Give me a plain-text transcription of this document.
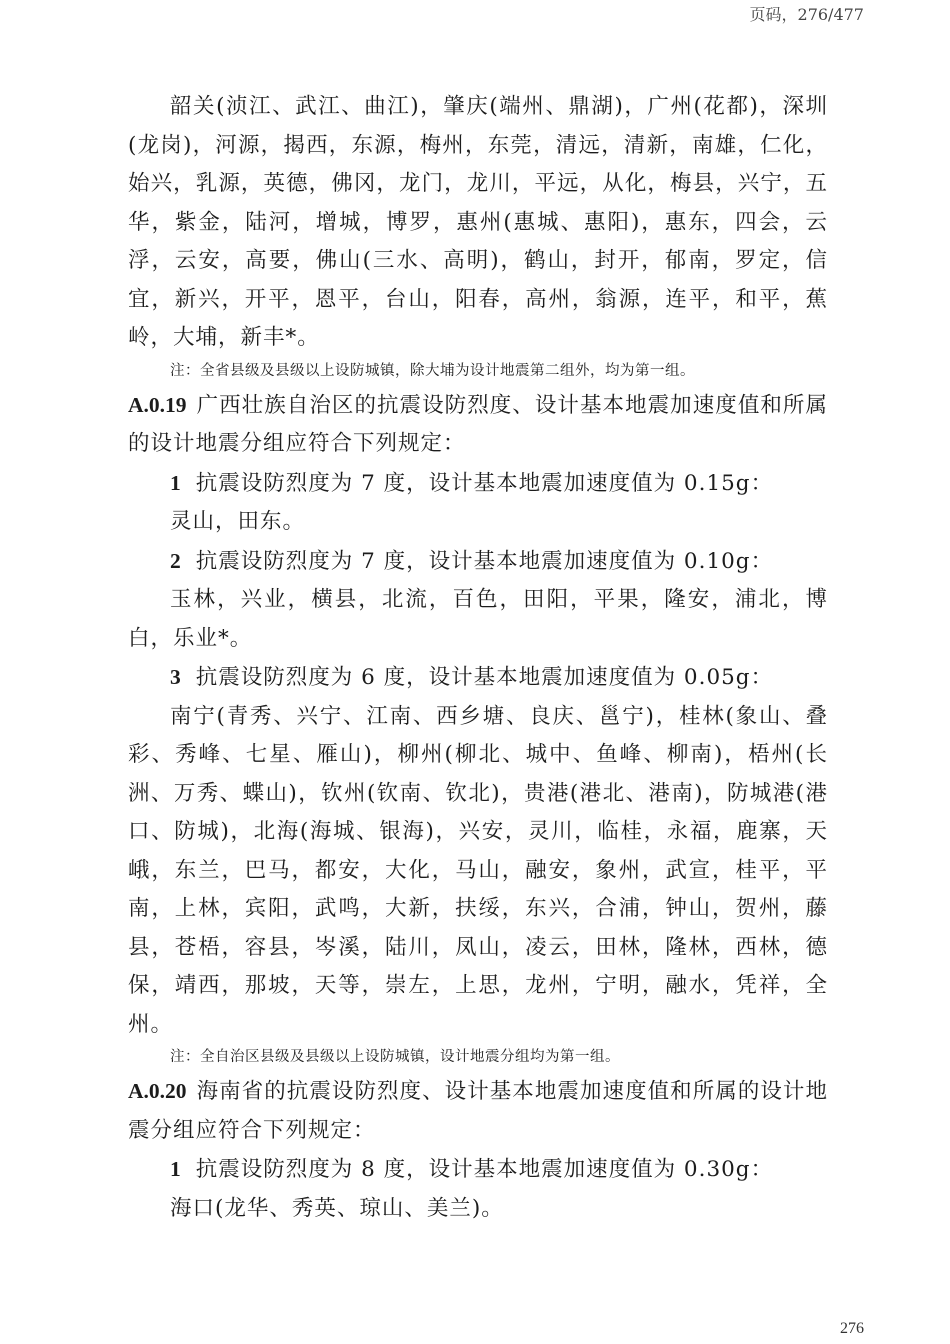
页码，276/477

韶关(浈江、武江、曲江)，肇庆(端州、鼎湖)，广州(花都)，深圳(龙岗)，河源，揭西，东源，梅州，东莞，清远，清新，南雄，仁化，始兴，乳源，英德，佛冈，龙门，龙川，平远，从化，梅县，兴宁，五华，紫金，陆河，增城，博罗，惠州(惠城、惠阳)，惠东，四会，云浮，云安，高要，佛山(三水、高明)，鹤山，封开，郁南，罗定，信宜，新兴，开平，恩平，台山，阳春，高州，翁源，连平，和平，蕉岭，大埔，新丰*。

注：全省县级及县级以上设防城镇，除大埔为设计地震第二组外，均为第一组。

A.0.19 广西壮族自治区的抗震设防烈度、设计基本地震加速度值和所属的设计地震分组应符合下列规定：

1 抗震设防烈度为 7 度，设计基本地震加速度值为 0.15g：

灵山，田东。

2 抗震设防烈度为 7 度，设计基本地震加速度值为 0.10g：

玉林，兴业，横县，北流，百色，田阳，平果，隆安，浦北，博白，乐业*。

3 抗震设防烈度为 6 度，设计基本地震加速度值为 0.05g：

南宁(青秀、兴宁、江南、西乡塘、良庆、邕宁)，桂林(象山、叠彩、秀峰、七星、雁山)，柳州(柳北、城中、鱼峰、柳南)，梧州(长洲、万秀、蝶山)，钦州(钦南、钦北)，贵港(港北、港南)，防城港(港口、防城)，北海(海城、银海)，兴安，灵川，临桂，永福，鹿寨，天峨，东兰，巴马，都安，大化，马山，融安，象州，武宣，桂平，平南，上林，宾阳，武鸣，大新，扶绥，东兴，合浦，钟山，贺州，藤县，苍梧，容县，岑溪，陆川，凤山，凌云，田林，隆林，西林，德保，靖西，那坡，天等，崇左，上思，龙州，宁明，融水，凭祥，全州。

注：全自治区县级及县级以上设防城镇，设计地震分组均为第一组。

A.0.20 海南省的抗震设防烈度、设计基本地震加速度值和所属的设计地震分组应符合下列规定：

1 抗震设防烈度为 8 度，设计基本地震加速度值为 0.30g：

海口(龙华、秀英、琼山、美兰)。

276
